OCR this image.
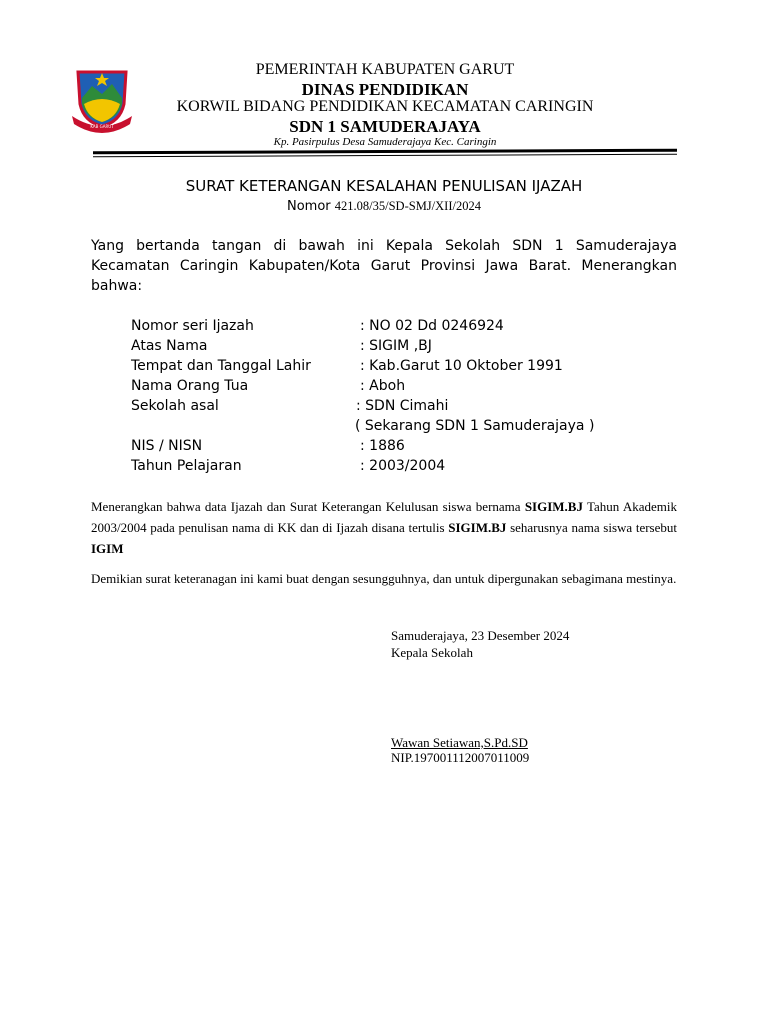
KAB GARUT
PEMERINTAH KABUPATEN GARUT
DINAS PENDIDIKAN
KORWIL BIDANG PENDIDIKAN KECAMATAN CARINGIN
SDN 1 SAMUDERAJAYA
Kp. Pasirpulus Desa Samuderajaya Kec. Caringin
SURAT KETERANGAN KESALAHAN PENULISAN IJAZAH
Nomor 421.08/35/SD-SMJ/XII/2024
Yang bertanda tangan di bawah ini Kepala Sekolah SDN 1 Samuderajaya Kecamatan Caringin Kabupaten/Kota Garut Provinsi Jawa Barat. Menerangkan bahwa:
Nomor seri Ijazah	: NO 02 Dd 0246924
Atas Nama	: SIGIM ,BJ
Tempat dan Tanggal Lahir	: Kab.Garut 10 Oktober 1991
Nama Orang Tua	: Aboh
Sekolah asal	: SDN Cimahi
( Sekarang SDN 1 Samuderajaya )
NIS / NISN	: 1886
Tahun Pelajaran	: 2003/2004
Menerangkan bahwa data Ijazah dan Surat Keterangan Kelulusan siswa bernama SIGIM.BJ Tahun Akademik 2003/2004 pada penulisan nama di KK dan di Ijazah disana tertulis SIGIM.BJ seharusnya nama siswa tersebut IGIM
Demikian surat keteranagan ini kami buat dengan sesungguhnya, dan untuk dipergunakan sebagimana mestinya.
Samuderajaya, 23 Desember 2024
Kepala Sekolah
Wawan Setiawan,S.Pd.SD
NIP.197001112007011009
